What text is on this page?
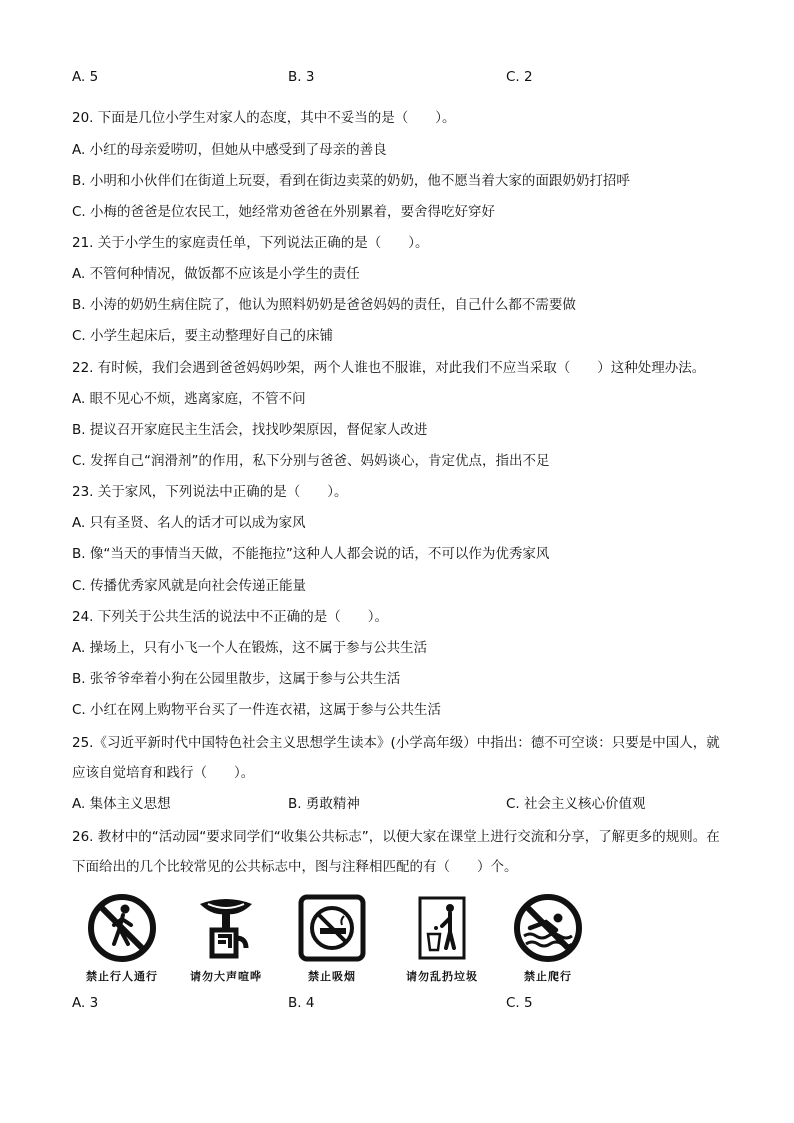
A. 5	B. 3	C. 2
20. 下面是几位小学生对家人的态度，其中不妥当的是（　　）。
A. 小红的母亲爱唠叨，但她从中感受到了母亲的善良
B. 小明和小伙伴们在街道上玩耍，看到在街边卖菜的奶奶，他不愿当着大家的面跟奶奶打招呼
C. 小梅的爸爸是位农民工，她经常劝爸爸在外别累着，要舍得吃好穿好
21. 关于小学生的家庭责任单，下列说法正确的是（　　）。
A. 不管何种情况，做饭都不应该是小学生的责任
B. 小涛的奶奶生病住院了，他认为照料奶奶是爸爸妈妈的责任，自己什么都不需要做
C. 小学生起床后，要主动整理好自己的床铺
22. 有时候，我们会遇到爸爸妈妈吵架，两个人谁也不服谁，对此我们不应当采取（　　）这种处理办法。
A. 眼不见心不烦，逃离家庭，不管不问
B. 提议召开家庭民主生活会，找找吵架原因，督促家人改进
C. 发挥自己“润滑剂”的作用，私下分别与爸爸、妈妈谈心，肯定优点，指出不足
23. 关于家风，下列说法中正确的是（　　）。
A. 只有圣贤、名人的话才可以成为家风
B. 像“当天的事情当天做，不能拖拉”这种人人都会说的话，不可以作为优秀家风
C. 传播优秀家风就是向社会传递正能量
24. 下列关于公共生活的说法中不正确的是（　　）。
A. 操场上，只有小飞一个人在锻炼，这不属于参与公共生活
B. 张爷爷牵着小狗在公园里散步，这属于参与公共生活
C. 小红在网上购物平台买了一件连衣裙，这属于参与公共生活
25.《习近平新时代中国特色社会主义思想学生读本》(小学高年级）中指出：德不可空谈：只要是中国人，就应该自觉培育和践行（　　）。
A. 集体主义思想	B. 勇敢精神	C. 社会主义核心价值观
26. 教材中的“活动园“要求同学们“收集公共标志”，以便大家在课堂上进行交流和分享，了解更多的规则。在下面给出的几个比较常见的公共标志中，图与注释相匹配的有（　　）个。
禁止行人通行	请勿大声喧哗	禁止吸烟	请勿乱扔垃圾	禁止爬行
A. 3	B. 4	C. 5
